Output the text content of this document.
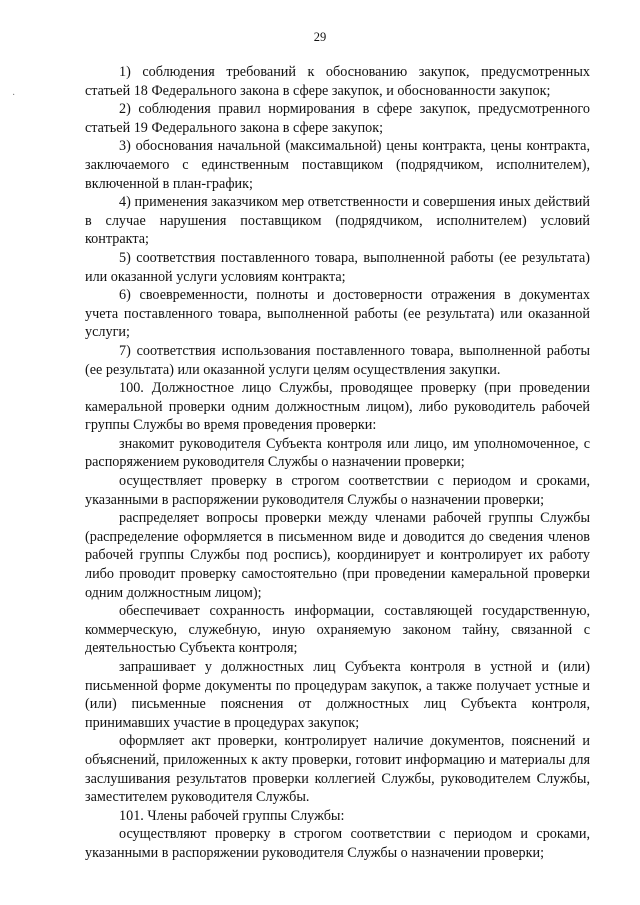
29
·

1) соблюдения требований к обоснованию закупок, предусмотренных статьей 18 Федерального закона в сфере закупок, и обоснованности закупок;

2) соблюдения правил нормирования в сфере закупок, предусмотренного статьей 19 Федерального закона в сфере закупок;

3) обоснования начальной (максимальной) цены контракта, цены контракта, заключаемого с единственным поставщиком (подрядчиком, исполнителем), включенной в план-график;

4) применения заказчиком мер ответственности и совершения иных действий в случае нарушения поставщиком (подрядчиком, исполнителем) условий контракта;

5) соответствия поставленного товара, выполненной работы (ее результата) или оказанной услуги условиям контракта;

6) своевременности, полноты и достоверности отражения в документах учета поставленного товара, выполненной работы (ее результата) или оказанной услуги;

7) соответствия использования поставленного товара, выполненной работы (ее результата) или оказанной услуги целям осуществления закупки.

100. Должностное лицо Службы, проводящее проверку (при проведении камеральной проверки одним должностным лицом), либо руководитель рабочей группы Службы во время проведения проверки:

знакомит руководителя Субъекта контроля или лицо, им уполномоченное, с распоряжением руководителя Службы о назначении проверки;

осуществляет проверку в строгом соответствии с периодом и сроками, указанными в распоряжении руководителя Службы о назначении проверки;

распределяет вопросы проверки между членами рабочей группы Службы (распределение оформляется в письменном виде и доводится до сведения членов рабочей группы Службы под роспись), координирует и контролирует их работу либо проводит проверку самостоятельно (при проведении камеральной проверки одним должностным лицом);

обеспечивает сохранность информации, составляющей государственную, коммерческую, служебную, иную охраняемую законом тайну, связанной с деятельностью Субъекта контроля;

запрашивает у должностных лиц Субъекта контроля в устной и (или) письменной форме документы по процедурам закупок, а также получает устные и (или) письменные пояснения от должностных лиц Субъекта контроля, принимавших участие в процедурах закупок;

оформляет акт проверки, контролирует наличие документов, пояснений и объяснений, приложенных к акту проверки, готовит информацию и материалы для заслушивания результатов проверки коллегией Службы, руководителем Службы, заместителем руководителя Службы.

101. Члены рабочей группы Службы:

осуществляют проверку в строгом соответствии с периодом и сроками, указанными в распоряжении руководителя Службы о назначении проверки;
